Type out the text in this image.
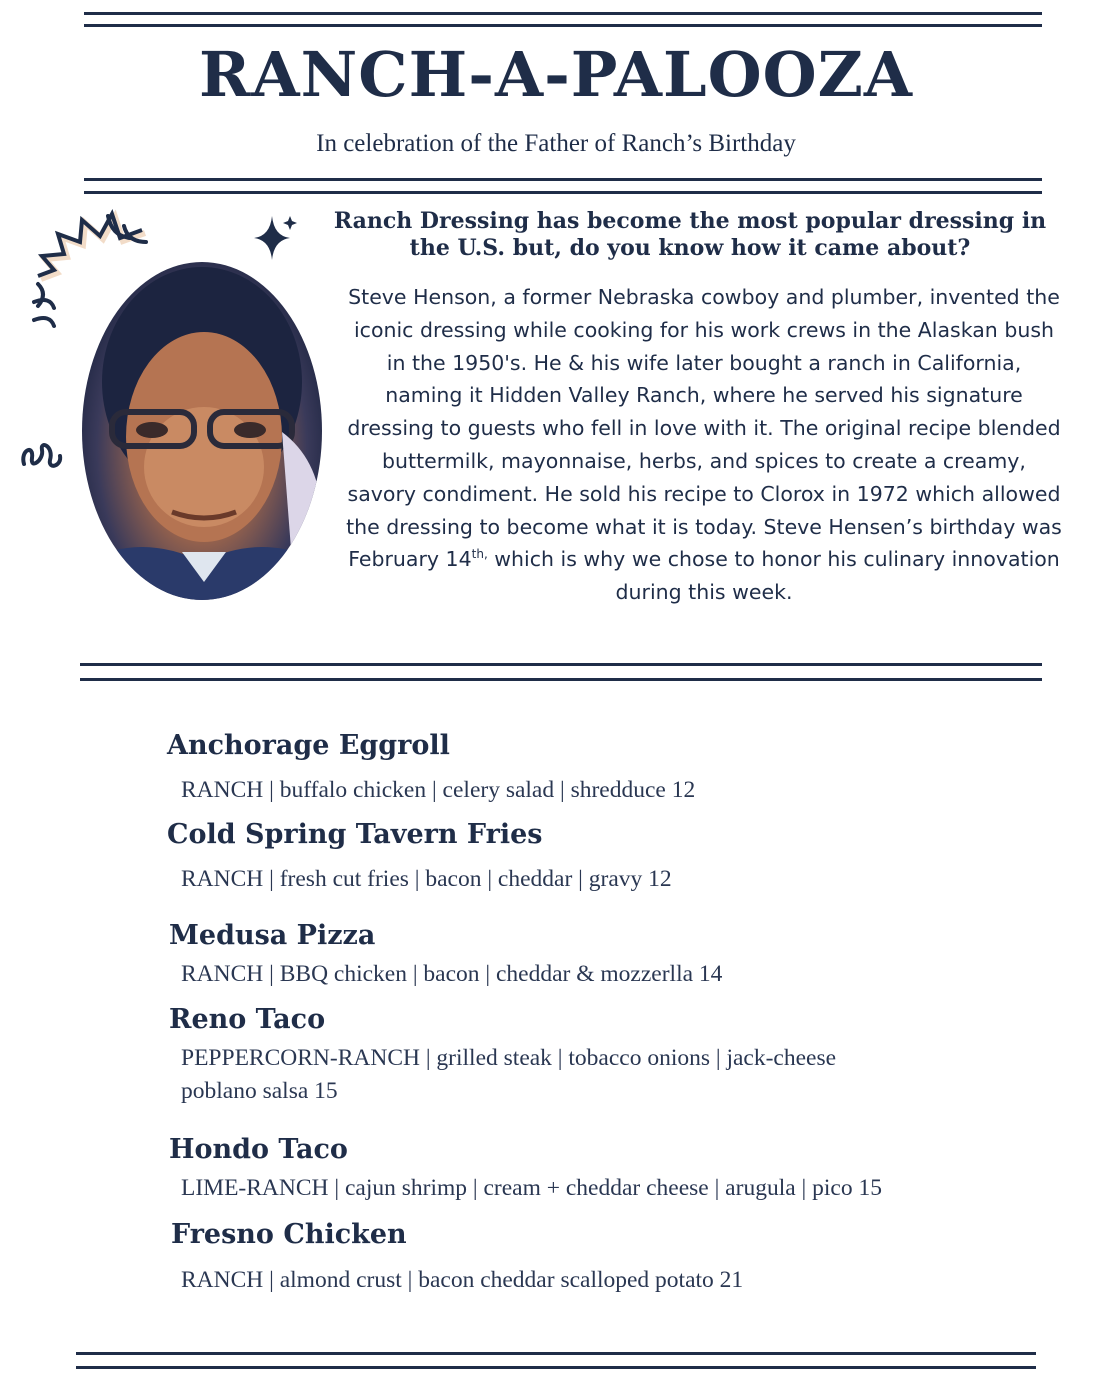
RANCH-A-PALOOZA
In celebration of the Father of Ranch’s Birthday
Ranch Dressing has become the most popular dressing in the U.S. but, do you know how it came about?
Steve Henson, a former Nebraska cowboy and plumber, invented the iconic dressing while cooking for his work crews in the Alaskan bush in the 1950's. He & his wife later bought a ranch in California, naming it Hidden Valley Ranch, where he served his signature dressing to guests who fell in love with it. The original recipe blended buttermilk, mayonnaise, herbs, and spices to create a creamy, savory condiment. He sold his recipe to Clorox in 1972 which allowed the dressing to become what it is today. Steve Hensen’s birthday was February $14^{th,}$ which is why we chose to honor his culinary innovation during this week.
Anchorage Eggroll
RANCH | buffalo chicken | celery salad | shredduce 12
Cold Spring Tavern Fries
RANCH | fresh cut fries | bacon | cheddar | gravy 12
Medusa Pizza
RANCH | BBQ chicken | bacon | cheddar & mozzerlla 14
Reno Taco
PEPPERCORN-RANCH | grilled steak | tobacco onions | jack-cheese
poblano salsa 15
Hondo Taco
LIME-RANCH | cajun shrimp | cream + cheddar cheese | arugula | pico 15
Fresno Chicken
RANCH | almond crust | bacon cheddar scalloped potato 21
